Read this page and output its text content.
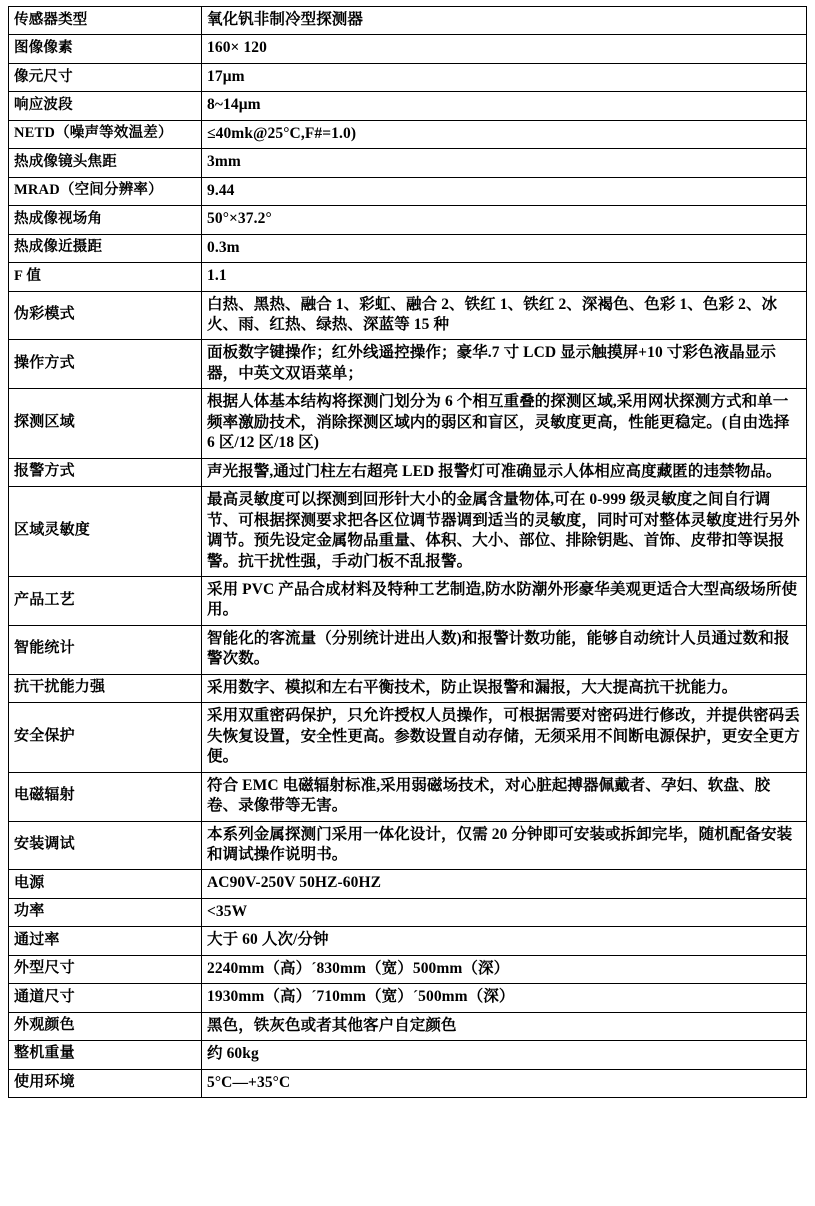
传感器类型	氧化钒非制冷型探测器
图像像素	160× 120
像元尺寸	17μm
响应波段	8~14μm
NETD（噪声等效温差）	≤40mk@25°C,F#=1.0)
热成像镜头焦距	3mm
MRAD（空间分辨率）	9.44
热成像视场角	50°×37.2°
热成像近摄距	0.3m
F 值	1.1
伪彩模式	白热、黑热、融合 1、彩虹、融合 2、铁红 1、铁红 2、深褐色、色彩 1、色彩 2、冰火、雨、红热、绿热、深蓝等 15 种
操作方式	面板数字键操作；红外线遥控操作；豪华.7 寸 LCD 显示触摸屏+10 寸彩色液晶显示器，中英文双语菜单；
探测区域	根据人体基本结构将探测门划分为 6 个相互重叠的探测区域,采用网状探测方式和单一频率激励技术，消除探测区域内的弱区和盲区，灵敏度更高，性能更稳定。(自由选择 6 区/12 区/18 区)
报警方式	声光报警,通过门柱左右超亮 LED 报警灯可准确显示人体相应高度藏匿的违禁物品。
区域灵敏度	最高灵敏度可以探测到回形针大小的金属含量物体,可在 0-999 级灵敏度之间自行调节、可根据探测要求把各区位调节器调到适当的灵敏度，同时可对整体灵敏度进行另外调节。预先设定金属物品重量、体积、大小、部位、排除钥匙、首饰、皮带扣等误报警。抗干扰性强，手动门板不乱报警。
产品工艺	采用 PVC 产品合成材料及特种工艺制造,防水防潮外形豪华美观更适合大型高级场所使用。
智能统计	智能化的客流量（分别统计进出人数)和报警计数功能，能够自动统计人员通过数和报警次数。
抗干扰能力强	采用数字、模拟和左右平衡技术，防止误报警和漏报，大大提高抗干扰能力。
安全保护	采用双重密码保护，只允许授权人员操作，可根据需要对密码进行修改，并提供密码丢失恢复设置，安全性更高。参数设置自动存储，无须采用不间断电源保护，更安全更方便。
电磁辐射	符合 EMC 电磁辐射标准,采用弱磁场技术，对心脏起搏器佩戴者、孕妇、软盘、胶卷、录像带等无害。
安装调试	本系列金属探测门采用一体化设计，仅需 20 分钟即可安装或拆卸完毕，随机配备安装和调试操作说明书。
电源	AC90V-250V 50HZ-60HZ
功率	<35W
通过率	大于 60 人次/分钟
外型尺寸	2240mm（高）´830mm（宽）500mm（深）
通道尺寸	1930mm（高）´710mm（宽）´500mm（深）
外观颜色	黑色，铁灰色或者其他客户自定颜色
整机重量	约 60kg
使用环境	5°C—+35°C
